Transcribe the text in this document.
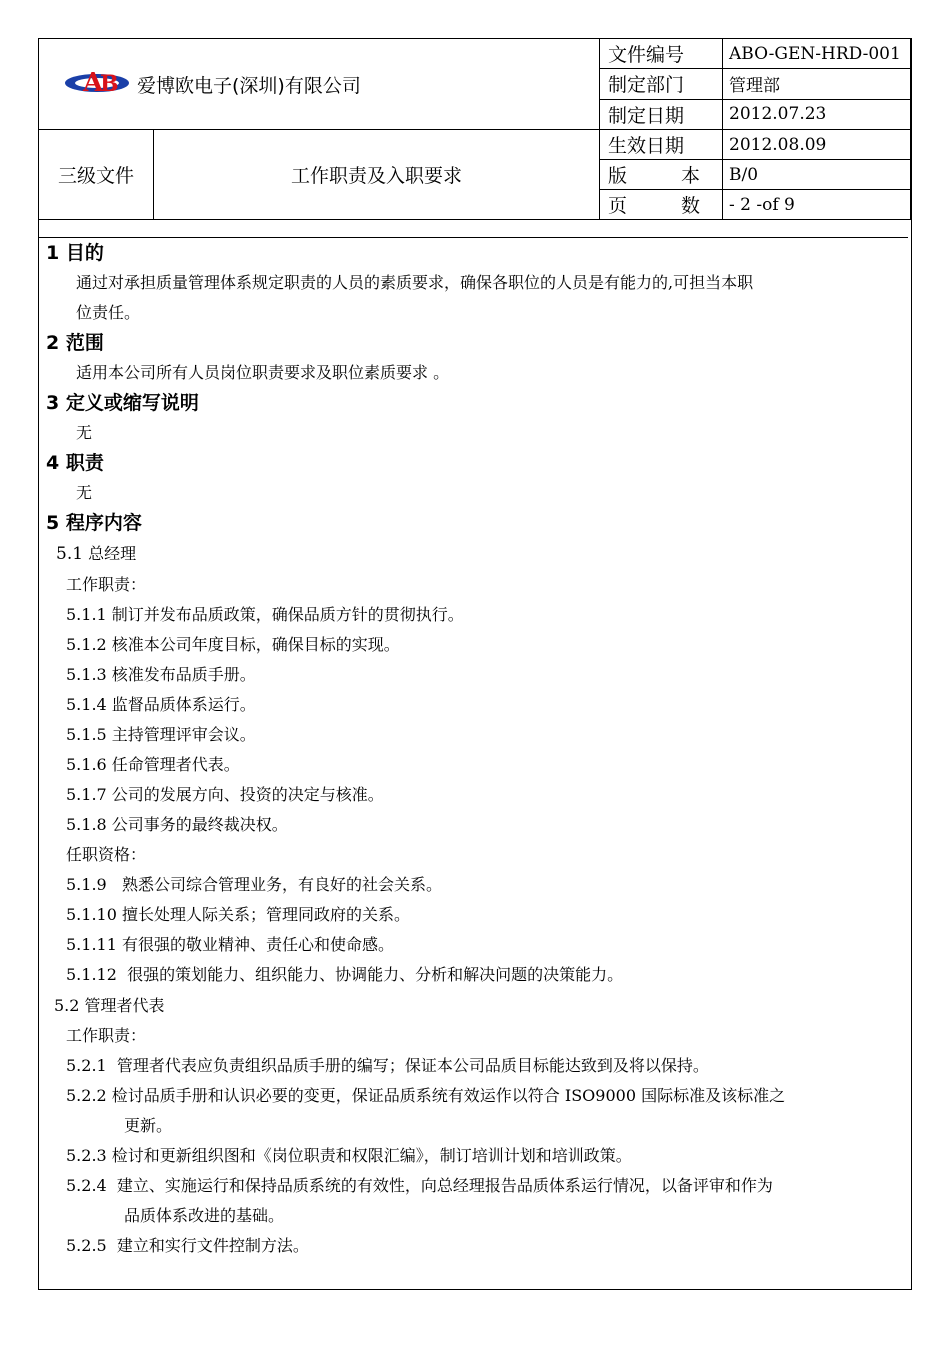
A
B 爱博欧电子(深圳)有限公司		文件编号	ABO-GEN-HRD-001
		制定部门	管理部
		制定日期	2012.07.23
三级文件	工作职责及入职要求	生效日期	2012.08.09

		版 本	B/0

		页 数	- 2 -of 9

1 目的

通过对承担质量管理体系规定职责的人员的素质要求，确保各职位的人员是有能力的,可担当本职

位责任。

2 范围

适用本公司所有人员岗位职责要求及职位素质要求 。

3 定义或缩写说明

无

4 职责

无

5 程序内容

5.1 总经理

工作职责：

5.1.1 制订并发布品质政策，确保品质方针的贯彻执行。

5.1.2 核准本公司年度目标，确保目标的实现。

5.1.3 核准发布品质手册。

5.1.4 监督品质体系运行。

5.1.5 主持管理评审会议。

5.1.6 任命管理者代表。

5.1.7 公司的发展方向、投资的决定与核准。

5.1.8 公司事务的最终裁决权。

任职资格：

5.1.9   熟悉公司综合管理业务，有良好的社会关系。

5.1.10 擅长处理人际关系；管理同政府的关系。

5.1.11 有很强的敬业精神、责任心和使命感。

5.1.12  很强的策划能力、组织能力、协调能力、分析和解决问题的决策能力。

5.2 管理者代表

工作职责：

5.2.1  管理者代表应负责组织品质手册的编写；保证本公司品质目标能达致到及将以保持。

5.2.2 检讨品质手册和认识必要的变更，保证品质系统有效运作以符合 ISO9000 国际标准及该标准之
更新。

5.2.3 检讨和更新组织图和《岗位职责和权限汇编》，制订培训计划和培训政策。

5.2.4  建立、实施运行和保持品质系统的有效性，向总经理报告品质体系运行情况，以备评审和作为
品质体系改进的基础。

5.2.5  建立和实行文件控制方法。
